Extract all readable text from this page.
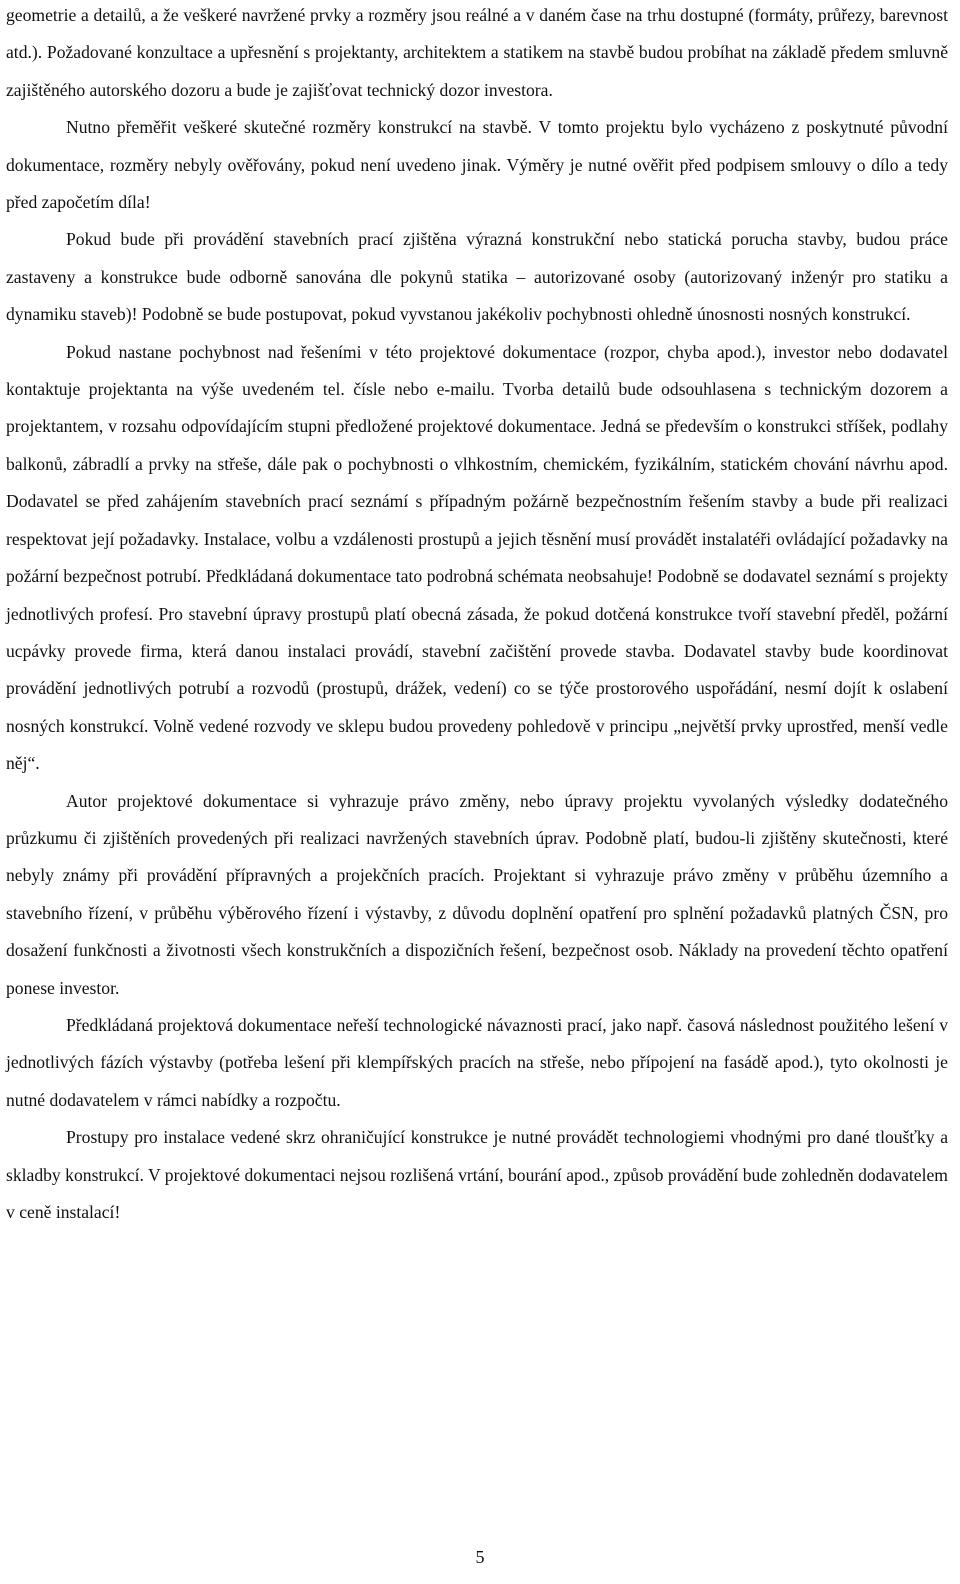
geometrie a detailů, a že veškeré navržené prvky a rozměry jsou reálné a v daném čase na trhu dostupné (formáty, průřezy, barevnost atd.). Požadované konzultace a upřesnění s projektanty, architektem a statikem na stavbě budou probíhat na základě předem smluvně zajištěného autorského dozoru a bude je zajišťovat technický dozor investora.

Nutno přeměřit veškeré skutečné rozměry konstrukcí na stavbě. V tomto projektu bylo vycházeno z poskytnuté původní dokumentace, rozměry nebyly ověřovány, pokud není uvedeno jinak. Výměry je nutné ověřit před podpisem smlouvy o dílo a tedy před započetím díla!

Pokud bude při provádění stavebních prací zjištěna výrazná konstrukční nebo statická porucha stavby, budou práce zastaveny a konstrukce bude odborně sanována dle pokynů statika – autorizované osoby (autorizovaný inženýr pro statiku a dynamiku staveb)! Podobně se bude postupovat, pokud vyvstanou jakékoliv pochybnosti ohledně únosnosti nosných konstrukcí.

Pokud nastane pochybnost nad řešeními v této projektové dokumentace (rozpor, chyba apod.), investor nebo dodavatel kontaktuje projektanta na výše uvedeném tel. čísle nebo e-mailu. Tvorba detailů bude odsouhlasena s technickým dozorem a projektantem, v rozsahu odpovídajícím stupni předložené projektové dokumentace. Jedná se především o konstrukci stříšek, podlahy balkonů, zábradlí a prvky na střeše, dále pak o pochybnosti o vlhkostním, chemickém, fyzikálním, statickém chování návrhu apod. Dodavatel se před zahájením stavebních prací seznámí s případným požárně bezpečnostním řešením stavby a bude při realizaci respektovat její požadavky. Instalace, volbu a vzdálenosti prostupů a jejich těsnění musí provádět instalatéři ovládající požadavky na požární bezpečnost potrubí. Předkládaná dokumentace tato podrobná schémata neobsahuje! Podobně se dodavatel seznámí s projekty jednotlivých profesí. Pro stavební úpravy prostupů platí obecná zásada, že pokud dotčená konstrukce tvoří stavební předěl, požární ucpávky provede firma, která danou instalaci provádí, stavební začištění provede stavba. Dodavatel stavby bude koordinovat provádění jednotlivých potrubí a rozvodů (prostupů, drážek, vedení) co se týče prostorového uspořádání, nesmí dojít k oslabení nosných konstrukcí. Volně vedené rozvody ve sklepu budou provedeny pohledově v principu „největší prvky uprostřed, menší vedle něj“.

Autor projektové dokumentace si vyhrazuje právo změny, nebo úpravy projektu vyvolaných výsledky dodatečného průzkumu či zjištěních provedených při realizaci navržených stavebních úprav. Podobně platí, budou-li zjištěny skutečnosti, které nebyly známy při provádění přípravných a projekčních pracích. Projektant si vyhrazuje právo změny v průběhu územního a stavebního řízení, v průběhu výběrového řízení i výstavby, z důvodu doplnění opatření pro splnění požadavků platných ČSN, pro dosažení funkčnosti a životnosti všech konstrukčních a dispozičních řešení, bezpečnost osob. Náklady na provedení těchto opatření ponese investor.

Předkládaná projektová dokumentace neřeší technologické návaznosti prací, jako např. časová následnost použitého lešení v jednotlivých fázích výstavby (potřeba lešení při klempířských pracích na střeše, nebo přípojení na fasádě apod.), tyto okolnosti je nutné dodavatelem v rámci nabídky a rozpočtu.

Prostupy pro instalace vedené skrz ohraničující konstrukce je nutné provádět technologiemi vhodnými pro dané tloušťky a skladby konstrukcí. V projektové dokumentaci nejsou rozlišená vrtání, bourání apod., způsob provádění bude zohledněn dodavatelem v ceně instalací!

5
